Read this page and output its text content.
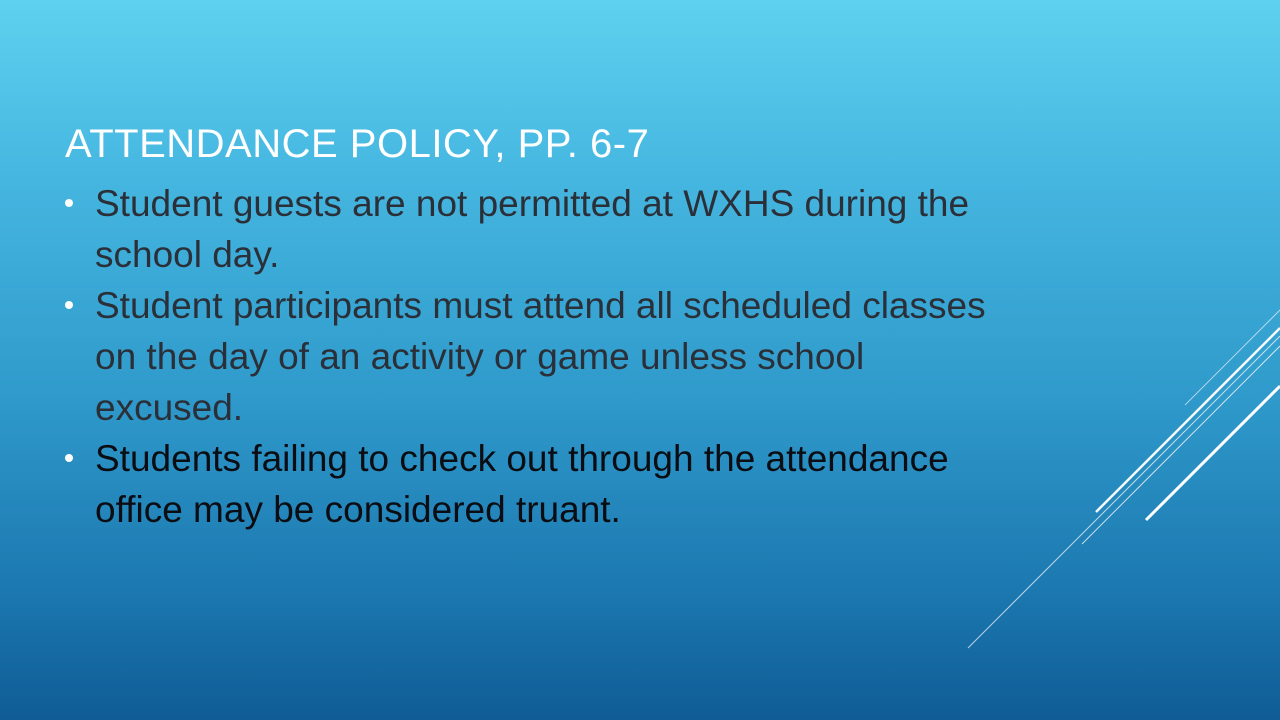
ATTENDANCE POLICY, PP. 6-7
Student guests are not permitted at WXHS during the school day.
Student participants must attend all scheduled classes on the day of an activity or game unless school excused.
Students failing to check out through the attendance office may be considered truant.
